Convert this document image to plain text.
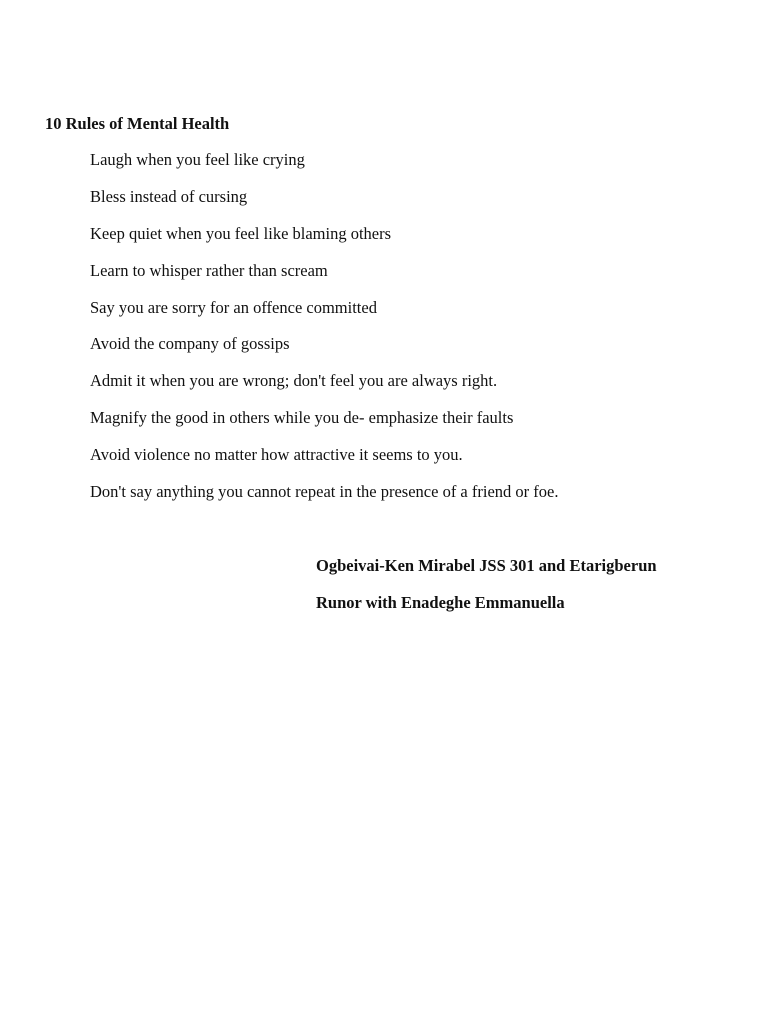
10 Rules of Mental Health
Laugh when you feel like crying
Bless instead of cursing
Keep quiet when you feel like blaming others
Learn to whisper rather than scream
Say you are sorry for an offence committed
Avoid the company of gossips
Admit it when you are wrong; don't feel you are always right.
Magnify the good in others while you de- emphasize their faults
Avoid violence no matter how attractive it seems to you.
Don't say anything you cannot repeat in the presence of a friend or foe.
Ogbeivai-Ken Mirabel JSS 301 and Etarigberun
Runor with Enadeghe Emmanuella
